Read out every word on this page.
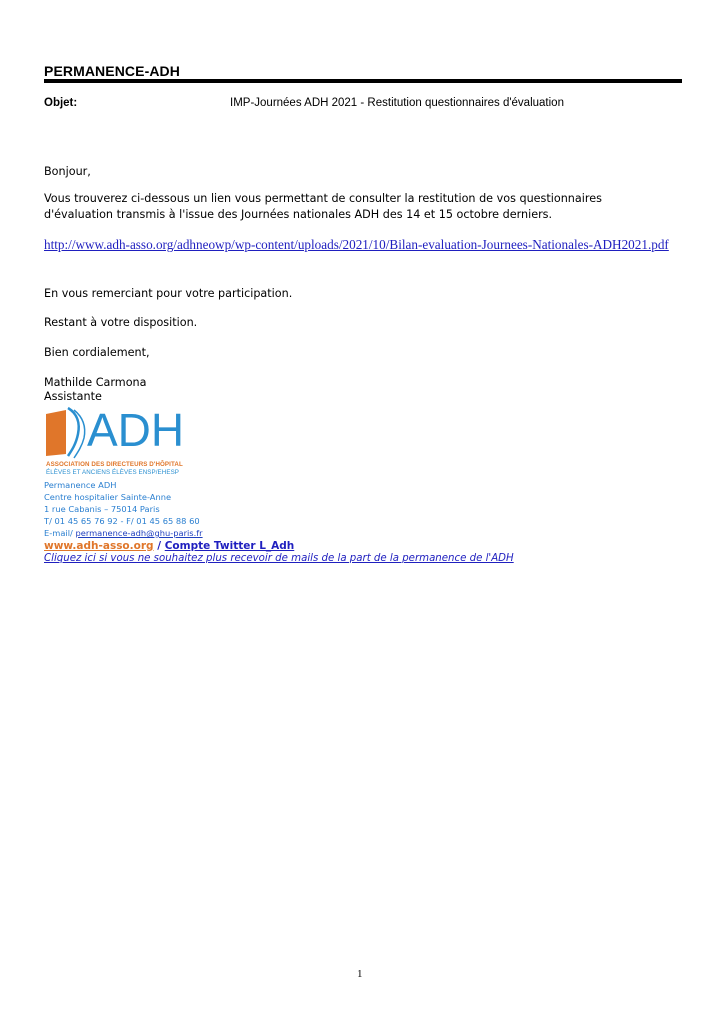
PERMANENCE-ADH
Objet:	IMP-Journées ADH 2021 - Restitution questionnaires d'évaluation
Bonjour,
Vous trouverez ci-dessous un lien vous permettant de consulter la restitution de vos questionnaires
d'évaluation transmis à l'issue des Journées nationales ADH des 14 et 15 octobre derniers.
http://www.adh-asso.org/adhneowp/wp-content/uploads/2021/10/Bilan-evaluation-Journees-Nationales-ADH2021.pdf
En vous remerciant pour votre participation.
Restant à votre disposition.
Bien cordialement,
Mathilde Carmona
Assistante
ADH
ASSOCIATION DES DIRECTEURS D'HÔPITAL
ÉLÈVES ET ANCIENS ÉLÈVES ENSP/EHESP
Permanence ADH
Centre hospitalier Sainte-Anne
1 rue Cabanis – 75014 Paris
T/ 01 45 65 76 92 - F/ 01 45 65 88 60
E-mail/ permanence-adh@ghu-paris.fr
www.adh-asso.org / Compte Twitter L_Adh
Cliquez ici si vous ne souhaitez plus recevoir de mails de la part de la permanence de l'ADH
1
